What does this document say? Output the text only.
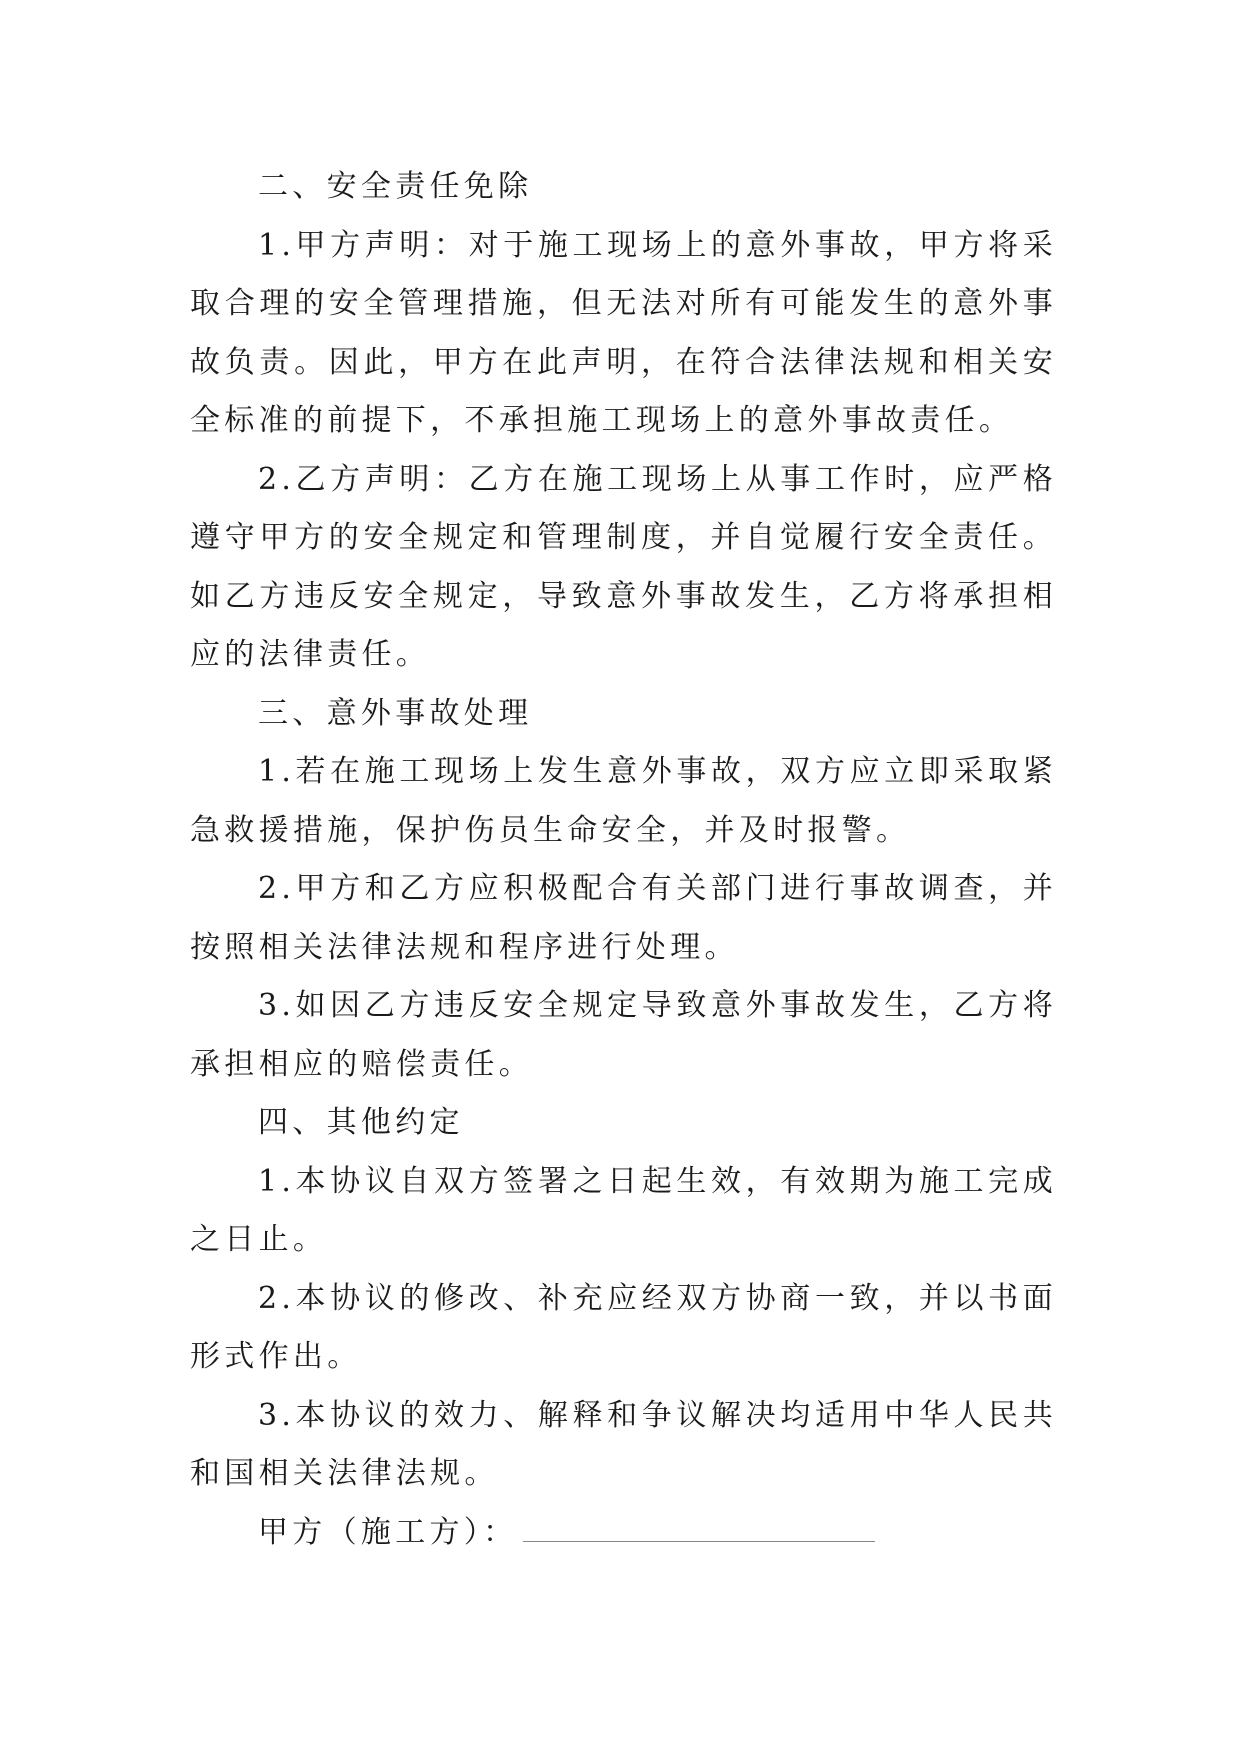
二、安全责任免除

1.甲方声明：对于施工现场上的意外事故，甲方将采取合理的安全管理措施，但无法对所有可能发生的意外事故负责。因此，甲方在此声明，在符合法律法规和相关安全标准的前提下，不承担施工现场上的意外事故责任。

2.乙方声明：乙方在施工现场上从事工作时，应严格遵守甲方的安全规定和管理制度，并自觉履行安全责任。如乙方违反安全规定，导致意外事故发生，乙方将承担相应的法律责任。

三、意外事故处理

1.若在施工现场上发生意外事故，双方应立即采取紧急救援措施，保护伤员生命安全，并及时报警。

2.甲方和乙方应积极配合有关部门进行事故调查，并按照相关法律法规和程序进行处理。

3.如因乙方违反安全规定导致意外事故发生，乙方将承担相应的赔偿责任。

四、其他约定

1.本协议自双方签署之日起生效，有效期为施工完成之日止。

2.本协议的修改、补充应经双方协商一致，并以书面形式作出。

3.本协议的效力、解释和争议解决均适用中华人民共和国相关法律法规。

甲方（施工方）：
